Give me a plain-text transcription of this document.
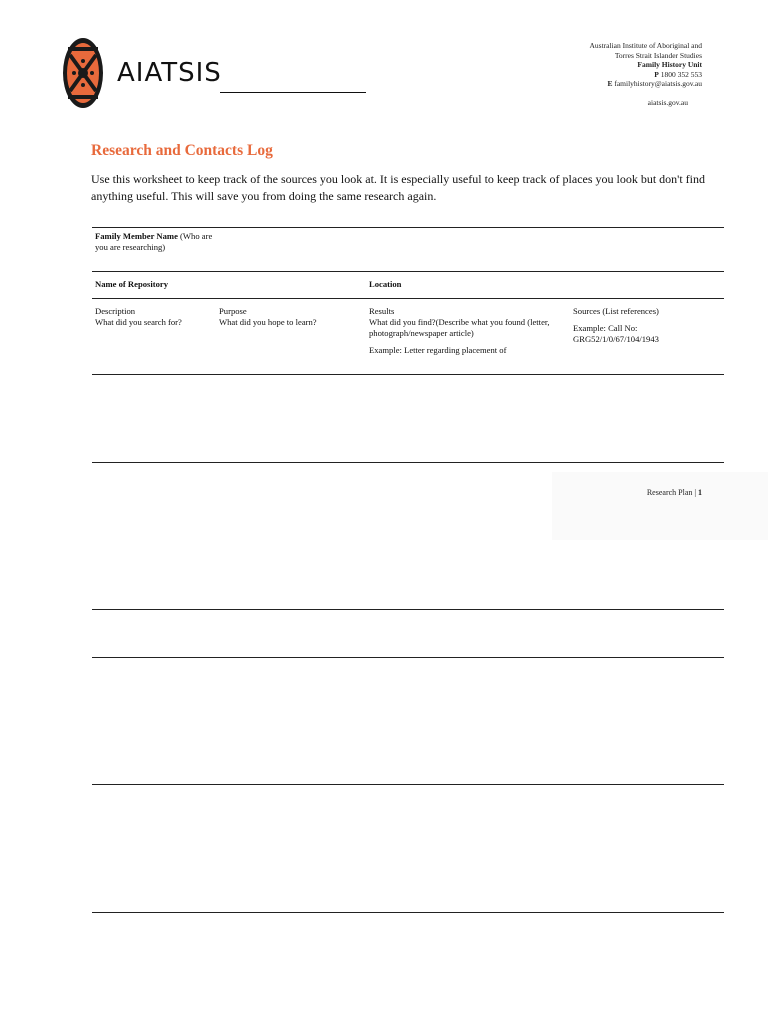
AIATSIS
Australian Institute of Aboriginal and
Torres Strait Islander Studies
Family History Unit
P 1800 352 553
E familyhistory@aiatsis.gov.au
aiatsis.gov.au
Research and Contacts Log
Use this worksheet to keep track of the sources you look at. It is especially useful to keep track of places you look but don't find anything useful. This will save you from doing the same research again.
Family Member Name (Who are you are researching)
Name of Repository	Location
Description
What did you search for?
Purpose
What did you hope to learn?
Results
What did you find?(Describe what you found (letter, photograph/newspaper article)
Example: Letter regarding placement of
Sources (List references)
Example: Call No: GRG52/1/0/67/104/1943
Research Plan | 1
